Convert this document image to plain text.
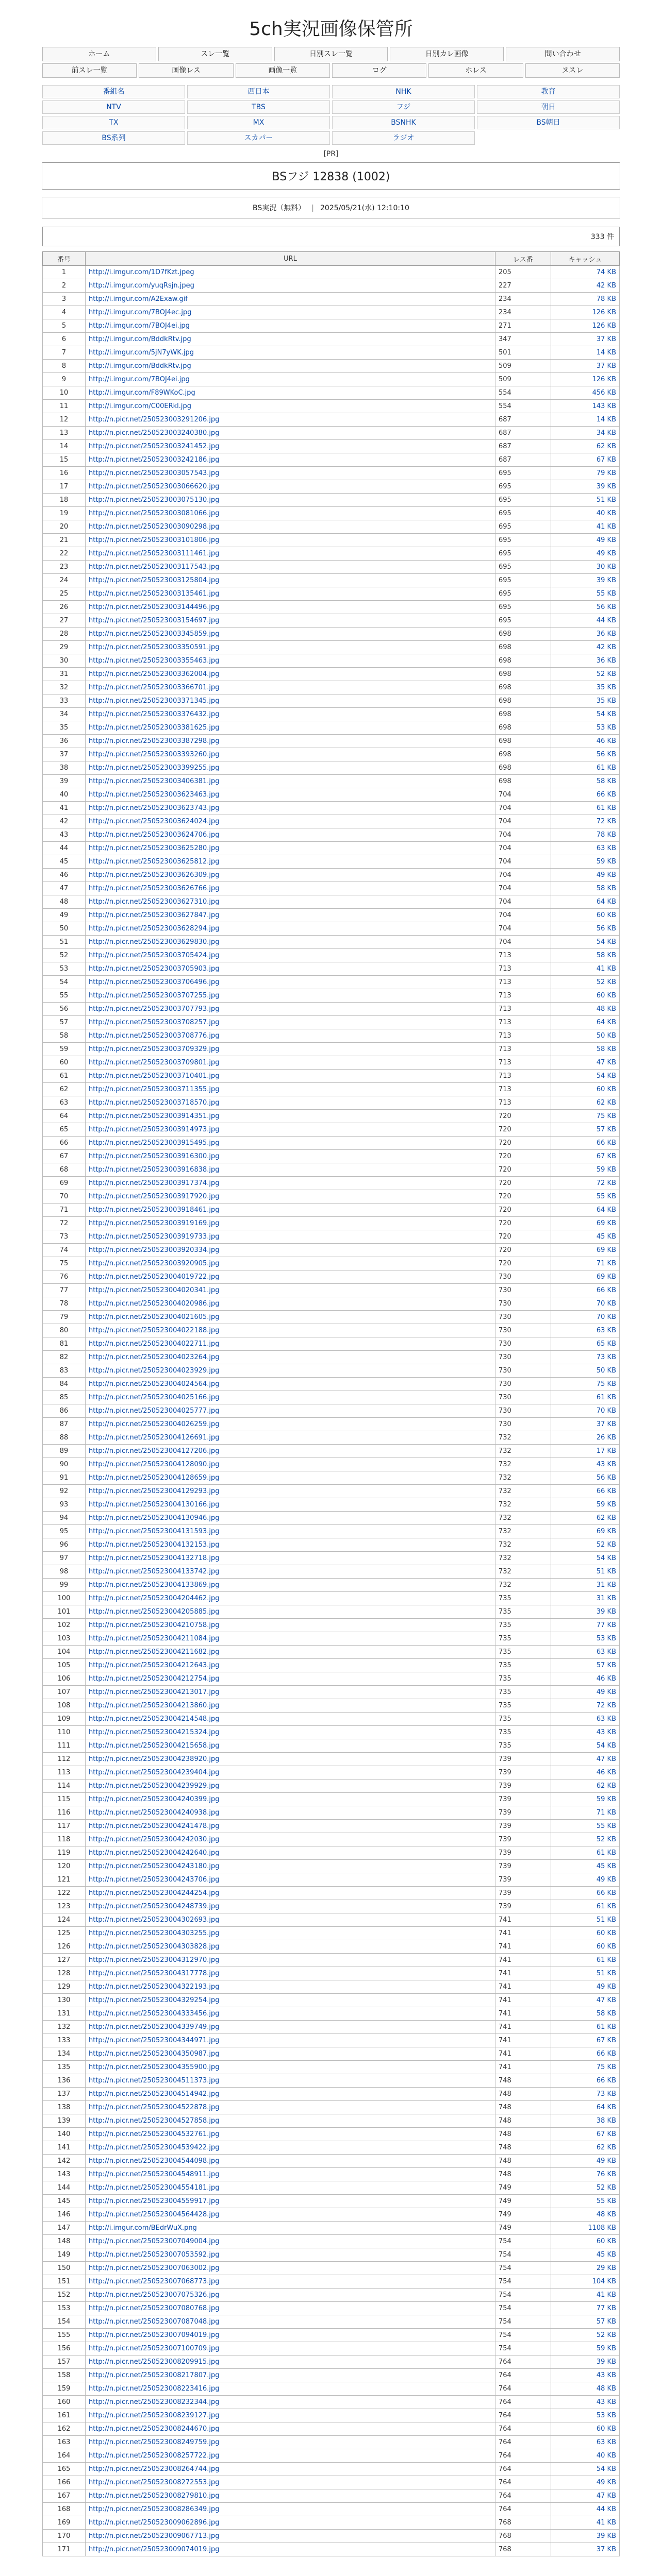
5ch実況画像保管所
ホーム	スレ一覧	日別スレ一覧	日別カレ画像	問い合わせ
前スレ一覧	画像レス	画像一覧	ログ	ホレス	ヌスレ
番組名	西日本	NHK	教育
NTV	TBS	フジ	朝日
TX	MX	BSNHK	BS朝日
BS系列	スカパー	ラジオ
[PR]
BSフジ 12838 (1002)
BS実況（無料） | 2025/05/21(水) 12:10:10
333 件
番号	URL	レス番	キャッシュ
1	http://i.imgur.com/1D7fKzt.jpeg	205	74 KB
2	http://i.imgur.com/yuqRsjn.jpeg	227	42 KB
3	http://i.imgur.com/A2Exaw.gif	234	78 KB
4	http://i.imgur.com/7BOJ4ec.jpg	234	126 KB
5	http://i.imgur.com/7BOJ4ei.jpg	271	126 KB
6	http://i.imgur.com/BddkRtv.jpg	347	37 KB
7	http://i.imgur.com/5jN7yWK.jpg	501	14 KB
8	http://i.imgur.com/BddkRtv.jpg	509	37 KB
9	http://i.imgur.com/7BOJ4ei.jpg	509	126 KB
10	http://i.imgur.com/F89WKoC.jpg	554	456 KB
11	http://i.imgur.com/C00ERkl.jpg	554	143 KB
12	http://n.picr.net/250523003291206.jpg	687	14 KB
13	http://n.picr.net/250523003240380.jpg	687	34 KB
14	http://n.picr.net/250523003241452.jpg	687	62 KB
15	http://n.picr.net/250523003242186.jpg	687	67 KB
16	http://n.picr.net/250523003057543.jpg	695	79 KB
17	http://n.picr.net/250523003066620.jpg	695	39 KB
18	http://n.picr.net/250523003075130.jpg	695	51 KB
19	http://n.picr.net/250523003081066.jpg	695	40 KB
20	http://n.picr.net/250523003090298.jpg	695	41 KB
21	http://n.picr.net/250523003101806.jpg	695	49 KB
22	http://n.picr.net/250523003111461.jpg	695	49 KB
23	http://n.picr.net/250523003117543.jpg	695	30 KB
24	http://n.picr.net/250523003125804.jpg	695	39 KB
25	http://n.picr.net/250523003135461.jpg	695	55 KB
26	http://n.picr.net/250523003144496.jpg	695	56 KB
27	http://n.picr.net/250523003154697.jpg	695	44 KB
28	http://n.picr.net/250523003345859.jpg	698	36 KB
29	http://n.picr.net/250523003350591.jpg	698	42 KB
30	http://n.picr.net/250523003355463.jpg	698	36 KB
31	http://n.picr.net/250523003362004.jpg	698	52 KB
32	http://n.picr.net/250523003366701.jpg	698	35 KB
33	http://n.picr.net/250523003371345.jpg	698	35 KB
34	http://n.picr.net/250523003376432.jpg	698	54 KB
35	http://n.picr.net/250523003381625.jpg	698	53 KB
36	http://n.picr.net/250523003387298.jpg	698	46 KB
37	http://n.picr.net/250523003393260.jpg	698	56 KB
38	http://n.picr.net/250523003399255.jpg	698	61 KB
39	http://n.picr.net/250523003406381.jpg	698	58 KB
40	http://n.picr.net/250523003623463.jpg	704	66 KB
41	http://n.picr.net/250523003623743.jpg	704	61 KB
42	http://n.picr.net/250523003624024.jpg	704	72 KB
43	http://n.picr.net/250523003624706.jpg	704	78 KB
44	http://n.picr.net/250523003625280.jpg	704	63 KB
45	http://n.picr.net/250523003625812.jpg	704	59 KB
46	http://n.picr.net/250523003626309.jpg	704	49 KB
47	http://n.picr.net/250523003626766.jpg	704	58 KB
48	http://n.picr.net/250523003627310.jpg	704	64 KB
49	http://n.picr.net/250523003627847.jpg	704	60 KB
50	http://n.picr.net/250523003628294.jpg	704	56 KB
51	http://n.picr.net/250523003629830.jpg	704	54 KB
52	http://n.picr.net/250523003705424.jpg	713	58 KB
53	http://n.picr.net/250523003705903.jpg	713	41 KB
54	http://n.picr.net/250523003706496.jpg	713	52 KB
55	http://n.picr.net/250523003707255.jpg	713	60 KB
56	http://n.picr.net/250523003707793.jpg	713	48 KB
57	http://n.picr.net/250523003708257.jpg	713	64 KB
58	http://n.picr.net/250523003708776.jpg	713	50 KB
59	http://n.picr.net/250523003709329.jpg	713	58 KB
60	http://n.picr.net/250523003709801.jpg	713	47 KB
61	http://n.picr.net/250523003710401.jpg	713	54 KB
62	http://n.picr.net/250523003711355.jpg	713	60 KB
63	http://n.picr.net/250523003718570.jpg	713	62 KB
64	http://n.picr.net/250523003914351.jpg	720	75 KB
65	http://n.picr.net/250523003914973.jpg	720	57 KB
66	http://n.picr.net/250523003915495.jpg	720	66 KB
67	http://n.picr.net/250523003916300.jpg	720	67 KB
68	http://n.picr.net/250523003916838.jpg	720	59 KB
69	http://n.picr.net/250523003917374.jpg	720	72 KB
70	http://n.picr.net/250523003917920.jpg	720	55 KB
71	http://n.picr.net/250523003918461.jpg	720	64 KB
72	http://n.picr.net/250523003919169.jpg	720	69 KB
73	http://n.picr.net/250523003919733.jpg	720	45 KB
74	http://n.picr.net/250523003920334.jpg	720	69 KB
75	http://n.picr.net/250523003920905.jpg	720	71 KB
76	http://n.picr.net/250523004019722.jpg	730	69 KB
77	http://n.picr.net/250523004020341.jpg	730	66 KB
78	http://n.picr.net/250523004020986.jpg	730	70 KB
79	http://n.picr.net/250523004021605.jpg	730	70 KB
80	http://n.picr.net/250523004022188.jpg	730	63 KB
81	http://n.picr.net/250523004022711.jpg	730	65 KB
82	http://n.picr.net/250523004023264.jpg	730	73 KB
83	http://n.picr.net/250523004023929.jpg	730	50 KB
84	http://n.picr.net/250523004024564.jpg	730	75 KB
85	http://n.picr.net/250523004025166.jpg	730	61 KB
86	http://n.picr.net/250523004025777.jpg	730	70 KB
87	http://n.picr.net/250523004026259.jpg	730	37 KB
88	http://n.picr.net/250523004126691.jpg	732	26 KB
89	http://n.picr.net/250523004127206.jpg	732	17 KB
90	http://n.picr.net/250523004128090.jpg	732	43 KB
91	http://n.picr.net/250523004128659.jpg	732	56 KB
92	http://n.picr.net/250523004129293.jpg	732	66 KB
93	http://n.picr.net/250523004130166.jpg	732	59 KB
94	http://n.picr.net/250523004130946.jpg	732	62 KB
95	http://n.picr.net/250523004131593.jpg	732	69 KB
96	http://n.picr.net/250523004132153.jpg	732	52 KB
97	http://n.picr.net/250523004132718.jpg	732	54 KB
98	http://n.picr.net/250523004133742.jpg	732	51 KB
99	http://n.picr.net/250523004133869.jpg	732	31 KB
100	http://n.picr.net/250523004204462.jpg	735	31 KB
101	http://n.picr.net/250523004205885.jpg	735	39 KB
102	http://n.picr.net/250523004210758.jpg	735	77 KB
103	http://n.picr.net/250523004211084.jpg	735	53 KB
104	http://n.picr.net/250523004211682.jpg	735	63 KB
105	http://n.picr.net/250523004212643.jpg	735	57 KB
106	http://n.picr.net/250523004212754.jpg	735	46 KB
107	http://n.picr.net/250523004213017.jpg	735	49 KB
108	http://n.picr.net/250523004213860.jpg	735	72 KB
109	http://n.picr.net/250523004214548.jpg	735	63 KB
110	http://n.picr.net/250523004215324.jpg	735	43 KB
111	http://n.picr.net/250523004215658.jpg	735	54 KB
112	http://n.picr.net/250523004238920.jpg	739	47 KB
113	http://n.picr.net/250523004239404.jpg	739	46 KB
114	http://n.picr.net/250523004239929.jpg	739	62 KB
115	http://n.picr.net/250523004240399.jpg	739	59 KB
116	http://n.picr.net/250523004240938.jpg	739	71 KB
117	http://n.picr.net/250523004241478.jpg	739	55 KB
118	http://n.picr.net/250523004242030.jpg	739	52 KB
119	http://n.picr.net/250523004242640.jpg	739	61 KB
120	http://n.picr.net/250523004243180.jpg	739	45 KB
121	http://n.picr.net/250523004243706.jpg	739	49 KB
122	http://n.picr.net/250523004244254.jpg	739	66 KB
123	http://n.picr.net/250523004248739.jpg	739	61 KB
124	http://n.picr.net/250523004302693.jpg	741	51 KB
125	http://n.picr.net/250523004303255.jpg	741	60 KB
126	http://n.picr.net/250523004303828.jpg	741	60 KB
127	http://n.picr.net/250523004312970.jpg	741	61 KB
128	http://n.picr.net/250523004317778.jpg	741	51 KB
129	http://n.picr.net/250523004322193.jpg	741	49 KB
130	http://n.picr.net/250523004329254.jpg	741	47 KB
131	http://n.picr.net/250523004333456.jpg	741	58 KB
132	http://n.picr.net/250523004339749.jpg	741	61 KB
133	http://n.picr.net/250523004344971.jpg	741	67 KB
134	http://n.picr.net/250523004350987.jpg	741	66 KB
135	http://n.picr.net/250523004355900.jpg	741	75 KB
136	http://n.picr.net/250523004511373.jpg	748	66 KB
137	http://n.picr.net/250523004514942.jpg	748	73 KB
138	http://n.picr.net/250523004522878.jpg	748	64 KB
139	http://n.picr.net/250523004527858.jpg	748	38 KB
140	http://n.picr.net/250523004532761.jpg	748	67 KB
141	http://n.picr.net/250523004539422.jpg	748	62 KB
142	http://n.picr.net/250523004544098.jpg	748	49 KB
143	http://n.picr.net/250523004548911.jpg	748	76 KB
144	http://n.picr.net/250523004554181.jpg	749	52 KB
145	http://n.picr.net/250523004559917.jpg	749	55 KB
146	http://n.picr.net/250523004564428.jpg	749	48 KB
147	http://i.imgur.com/BEdrWuX.png	749	1108 KB
148	http://n.picr.net/250523007049004.jpg	754	60 KB
149	http://n.picr.net/250523007053592.jpg	754	45 KB
150	http://n.picr.net/250523007063002.jpg	754	29 KB
151	http://n.picr.net/250523007068773.jpg	754	104 KB
152	http://n.picr.net/250523007075326.jpg	754	41 KB
153	http://n.picr.net/250523007080768.jpg	754	77 KB
154	http://n.picr.net/250523007087048.jpg	754	57 KB
155	http://n.picr.net/250523007094019.jpg	754	52 KB
156	http://n.picr.net/250523007100709.jpg	754	59 KB
157	http://n.picr.net/250523008209915.jpg	764	39 KB
158	http://n.picr.net/250523008217807.jpg	764	43 KB
159	http://n.picr.net/250523008223416.jpg	764	48 KB
160	http://n.picr.net/250523008232344.jpg	764	43 KB
161	http://n.picr.net/250523008239127.jpg	764	53 KB
162	http://n.picr.net/250523008244670.jpg	764	60 KB
163	http://n.picr.net/250523008249759.jpg	764	63 KB
164	http://n.picr.net/250523008257722.jpg	764	40 KB
165	http://n.picr.net/250523008264744.jpg	764	54 KB
166	http://n.picr.net/250523008272553.jpg	764	49 KB
167	http://n.picr.net/250523008279810.jpg	764	47 KB
168	http://n.picr.net/250523008286349.jpg	764	44 KB
169	http://n.picr.net/250523009062896.jpg	768	41 KB
170	http://n.picr.net/250523009067713.jpg	768	39 KB
171	http://n.picr.net/250523009074019.jpg	768	37 KB
